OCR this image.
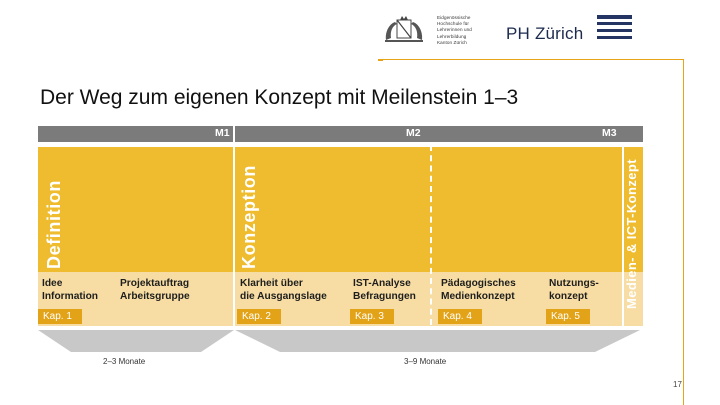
Eidgenössische
Hochschule für
Lehrerinnen und
Lehrerbildung
Kanton Zürich PH Zürich
Der Weg zum eigenen Konzept mit Meilenstein 1–3
M1	M2	M3
Definition	Konzeption	Medien- & ICT-Konzept
Idee
Information
Projektauftrag
Arbeitsgruppe
Klarheit über
die Ausgangslage
IST-Analyse
Befragungen
Pädagogisches
Medienkonzept
Nutzungs-
konzept
Kap. 1	Kap. 2	Kap. 3	Kap. 4	Kap. 5
2–3 Monate	3–9 Monate
17
